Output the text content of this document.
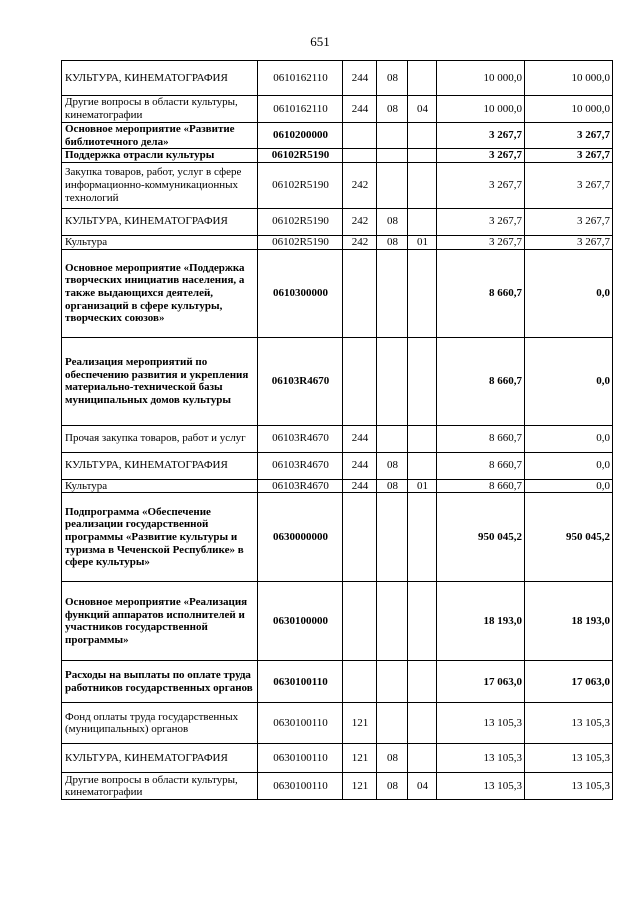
651
КУЛЬТУРА, КИНЕМАТОГРАФИЯ	0610162110	244	08		10 000,0	10 000,0
Другие вопросы в области культуры, кинематографии	0610162110	244	08	04	10 000,0	10 000,0
Основное мероприятие «Развитие библиотечного дела»	0610200000				3 267,7	3 267,7
Поддержка отрасли культуры	06102R5190				3 267,7	3 267,7
Закупка товаров, работ, услуг в сфере информационно-коммуникационных технологий	06102R5190	242			3 267,7	3 267,7
КУЛЬТУРА, КИНЕМАТОГРАФИЯ	06102R5190	242	08		3 267,7	3 267,7
Культура	06102R5190	242	08	01	3 267,7	3 267,7
Основное мероприятие «Поддержка творческих инициатив населения, а также выдающихся деятелей, организаций в сфере культуры, творческих союзов»	0610300000				8 660,7	0,0
Реализация мероприятий по обеспечению развития и укрепления материально-технической базы муниципальных домов культуры	06103R4670				8 660,7	0,0
Прочая закупка товаров, работ и услуг	06103R4670	244			8 660,7	0,0
КУЛЬТУРА, КИНЕМАТОГРАФИЯ	06103R4670	244	08		8 660,7	0,0
Культура	06103R4670	244	08	01	8 660,7	0,0
Подпрограмма «Обеспечение реализации государственной программы «Развитие культуры и туризма в Чеченской Республике» в сфере культуры»	0630000000				950 045,2	950 045,2
Основное мероприятие «Реализация функций аппаратов исполнителей и участников государственной программы»	0630100000				18 193,0	18 193,0
Расходы на выплаты по оплате труда работников государственных органов	0630100110				17 063,0	17 063,0
Фонд оплаты труда государственных (муниципальных) органов	0630100110	121			13 105,3	13 105,3
КУЛЬТУРА, КИНЕМАТОГРАФИЯ	0630100110	121	08		13 105,3	13 105,3
Другие вопросы в области культуры, кинематографии	0630100110	121	08	04	13 105,3	13 105,3
